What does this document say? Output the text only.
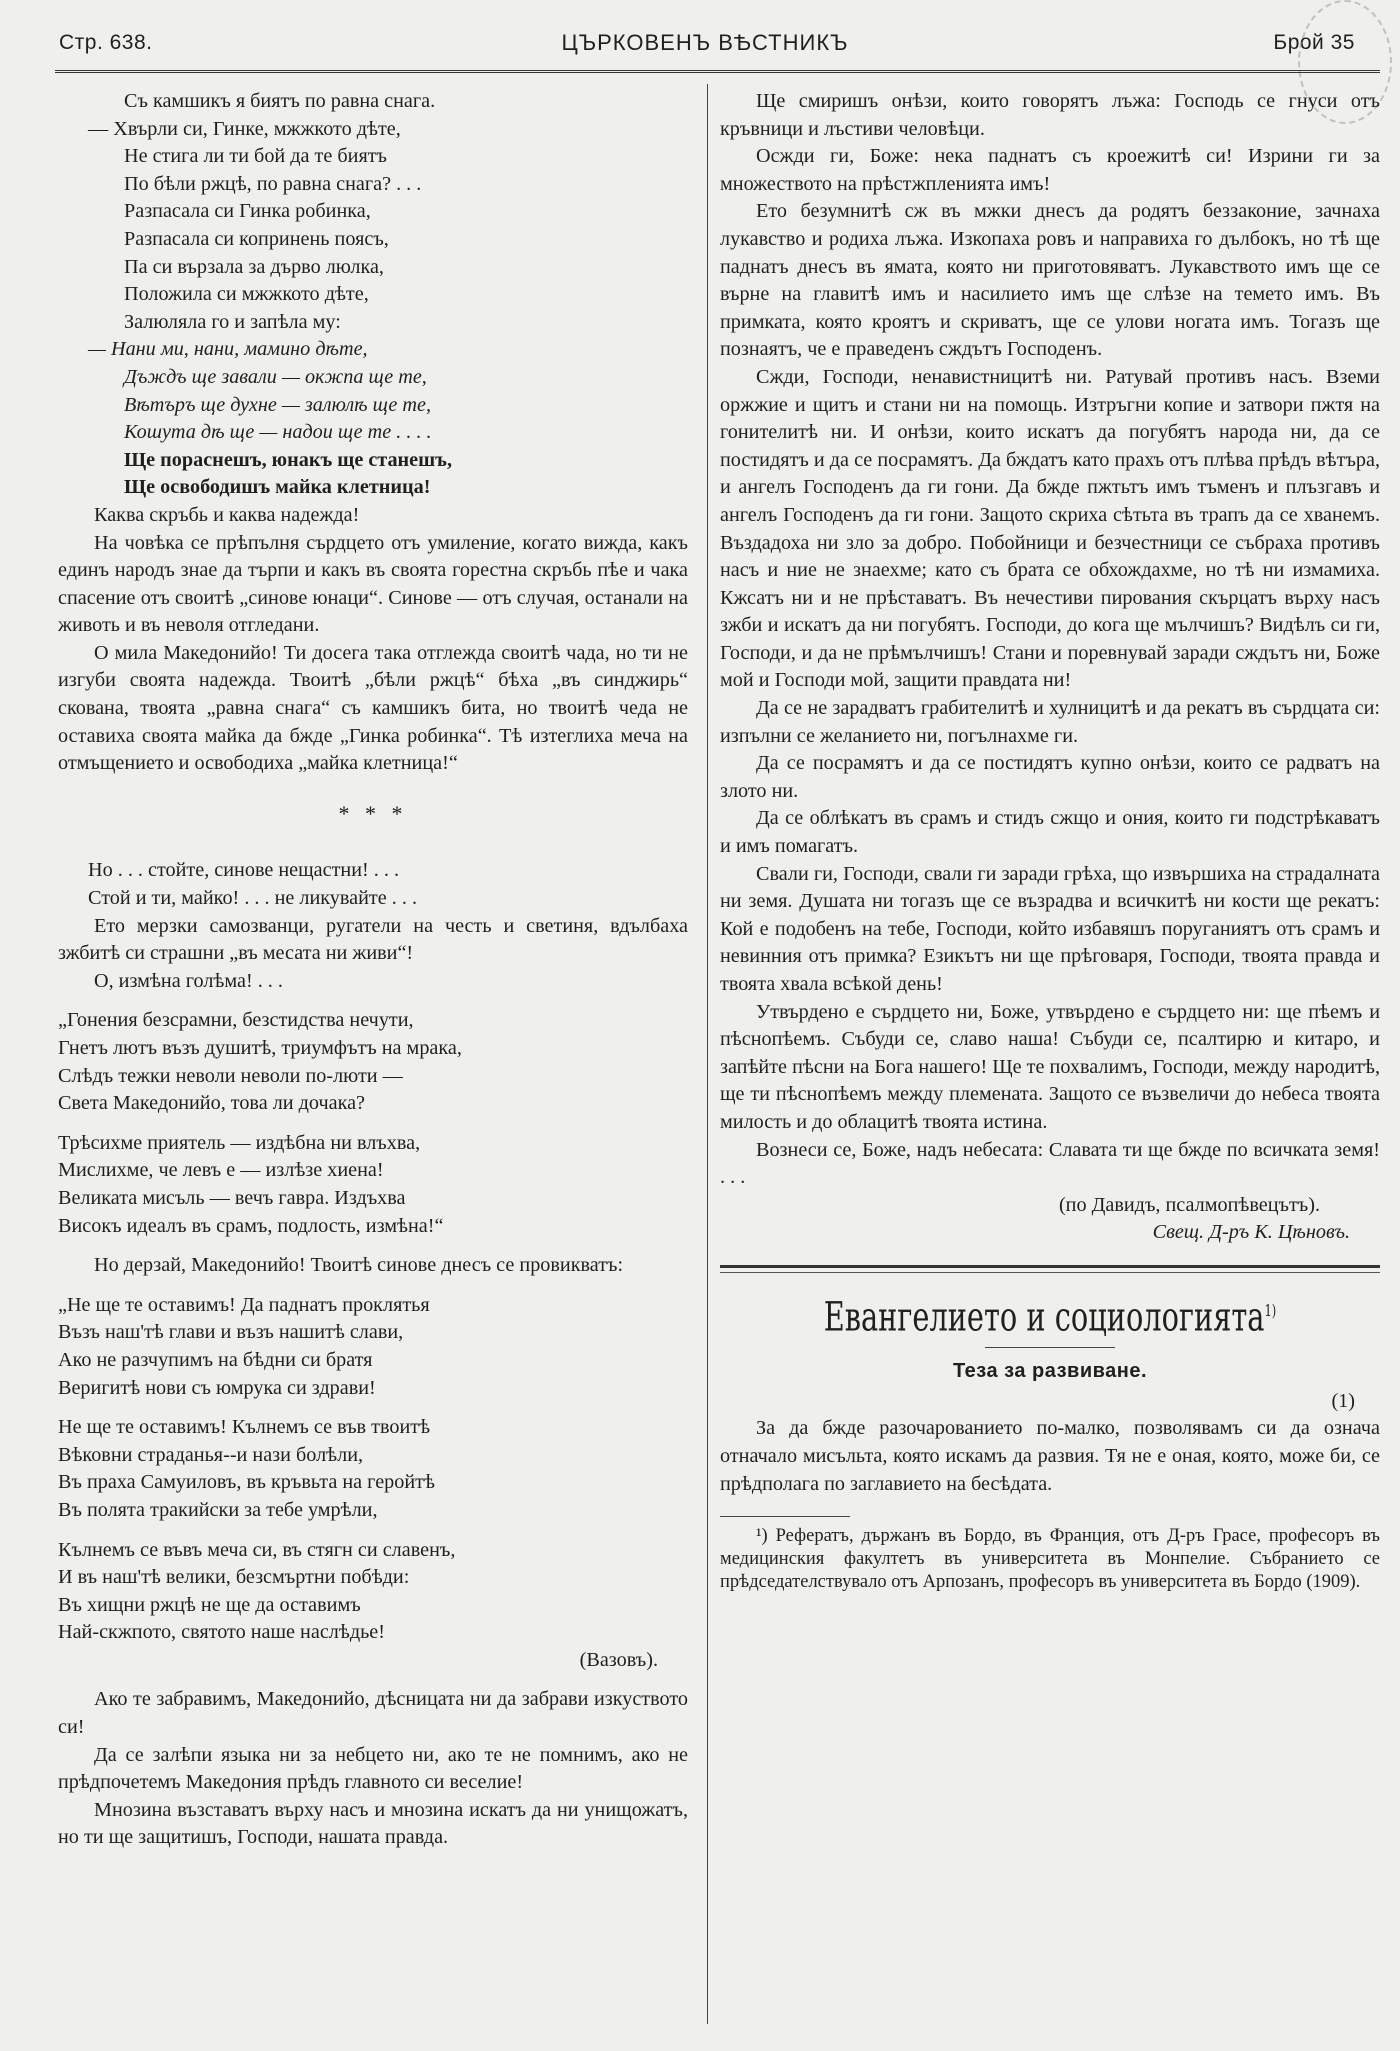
Стр. 638.	ЦЪРКОВЕНЪ ВѢСТНИКЪ	Брой 35
Съ камшикъ я биятъ по равна снага.
— Хвърли си, Гинке, мжжкото дѣте,
Не стига ли ти бой да те биятъ
По бѣли ржцѣ, по равна снага? . . .
Разпасала си Гинка робинка,
Разпасала си копринень поясъ,
Па си вързала за дърво люлка,
Положила си мжжкото дѣте,
Залюляла го и запѣла му:
— Нани ми, нани, мамино дѣте,
Дъждъ ще завали — окжпа ще те,
Вѣтъръ ще духне — залюлѣ ще те,
Кошута дѣ ще — надои ще те . . . .
Ще пораснешъ, юнакъ ще станешъ,
Ще освободишъ майка клетница!

Каква скръбь и каква надежда!

На човѣка се прѣпълня сърдцето отъ умиление, когато вижда, какъ единъ народъ знае да търпи и какъ въ своята горестна скръбь пѣе и чака спасение отъ своитѣ „синове юнаци“. Синове — отъ случая, останали на животь и въ неволя отгледани.

О мила Македонийо! Ти досега така отглежда своитѣ чада, но ти не изгуби своята надежда. Твоитѣ „бѣли ржцѣ“ бѣха „въ синджирь“ скована, твоята „равна снага“ съ камшикъ бита, но твоитѣ чеда не оставиха своята майка да бжде „Гинка робинка“. Тѣ изтеглиха меча на отмъщението и освободиха „майка клетница!“

* * *
Но . . . стойте, синове нещастни! . . .
Стой и ти, майко! . . . не ликувайте . . .

Ето мерзки самозванци, ругатели на честь и светиня, вдълбаха зжбитѣ си страшни „въ месата ни живи“!

О, измѣна голѣма! . . .

„Гонения безсрамни, безстидства нечути,
Гнетъ лютъ възъ душитѣ, триумфътъ на мрака,
Слѣдъ тежки неволи неволи по-люти —
Света Македонийо, това ли дочака?
Трѣсихме приятель — издѣбна ни влъхва,
Мислихме, че левъ е — излѣзе хиена!
Великата мисъль — вечъ гавра. Издъхва
Високъ идеалъ въ срамъ, подлость, измѣна!“

Но дерзай, Македонийо! Твоитѣ синове днесъ се провикватъ:

„Не ще те оставимъ! Да паднатъ проклятья
Възъ наш'тѣ глави и възъ нашитѣ слави,
Ако не разчупимъ на бѣдни си братя
Веригитѣ нови съ юмрука си здрави!
Не ще те оставимъ! Кълнемъ се във твоитѣ
Вѣковни страданья--и нази болѣли,
Въ праха Самуиловъ, въ кръвьта на геройтѣ
Въ полята тракийски за тебе умрѣли,
Кълнемъ се въвъ меча си, въ стягн си славенъ,
И въ наш'тѣ велики, безсмъртни побѣди:
Въ хищни ржцѣ не ще да оставимъ
Най-скжпото, святото наше наслѣдье!
(Вазовъ).

Ако те забравимъ, Македонийо, дѣсницата ни да забрави изкуството си!

Да се залѣпи языка ни за небцето ни, ако те не помнимъ, ако не прѣдпочетемъ Македония прѣдъ главното си веселие!

Мнозина възставатъ върху насъ и мнозина искатъ да ни унищожатъ, но ти ще защитишъ, Господи, нашата правда.

Ще смиришъ онѣзи, които говорятъ лъжа: Господь се гнуси отъ кръвници и лъстиви человѣци.

Осжди ги, Боже: нека паднатъ съ кроежитѣ си! Изрини ги за множеството на прѣстжпленията имъ!

Ето безумнитѣ сж въ мжки днесъ да родятъ беззаконие, зачнаха лукавство и родиха лъжа. Изкопаха ровъ и направиха го дълбокъ, но тѣ ще паднатъ днесъ въ ямата, която ни приготовяватъ. Лукавството имъ ще се върне на главитѣ имъ и насилието имъ ще слѣзе на темето имъ. Въ примката, която кроятъ и скриватъ, ще се улови ногата имъ. Тогазъ ще познаятъ, че е праведенъ сждътъ Господенъ.

Сжди, Господи, ненавистницитѣ ни. Ратувай противъ насъ. Вземи оржжие и щитъ и стани ни на помощь. Изтръгни копие и затвори пжтя на гонителитѣ ни. И онѣзи, които искатъ да погубятъ народа ни, да се постидятъ и да се посрамятъ. Да бждатъ като прахъ отъ плѣва прѣдъ вѣтъра, и ангелъ Господенъ да ги гони. Да бжде пжтьтъ имъ тъменъ и плъзгавъ и ангелъ Господенъ да ги гони. Защото скриха сѣтьта въ трапъ да се хванемъ. Въздадоха ни зло за добро. Побойници и безчестници се събраха противъ насъ и ние не знаехме; като съ брата се обхождахме, но тѣ ни измамиха. Кжсатъ ни и не прѣставатъ. Въ нечестиви пирования скърцатъ върху насъ зжби и искатъ да ни погубятъ. Господи, до кога ще мълчишъ? Видѣлъ си ги, Господи, и да не прѣмълчишъ! Стани и поревнувай заради сждътъ ни, Боже мой и Господи мой, защити правдата ни!

Да се не зарадватъ грабителитѣ и хулницитѣ и да рекатъ въ сърдцата си: изпълни се желанието ни, погълнахме ги.

Да се посрамятъ и да се постидятъ купно онѣзи, които се радватъ на злото ни.

Да се облѣкатъ въ срамъ и стидъ сжщо и ония, които ги подстрѣкаватъ и имъ помагатъ.

Свали ги, Господи, свали ги заради грѣха, що извършиха на страдалната ни земя. Душата ни тогазъ ще се възрадва и всичкитѣ ни кости ще рекатъ: Кой е подобенъ на тебе, Господи, който избавяшъ поруганиятъ отъ срамъ и невинния отъ примка? Езикътъ ни ще прѣговаря, Господи, твоята правда и твоята хвала всѣкой день!

Утвърдено е сърдцето ни, Боже, утвърдено е сърдцето ни: ще пѣемъ и пѣснопѣемъ. Събуди се, славо наша! Събуди се, псалтирю и китаро, и запѣйте пѣсни на Бога нашего! Ще те похвалимъ, Господи, между народитѣ, ще ти пѣснопѣемъ между племената. Защото се възвеличи до небеса твоята милость и до облацитѣ твоята истина.

Вознеси се, Боже, надъ небесата: Славата ти ще бжде по всичката земя! . . .

(по Давидъ, псалмопѣвецътъ).
Свещ. Д-ръ К. Цѣновъ.
Евангелието и социологията$^{1)}$
Теза за развиване.
(1)

За да бжде разочарованието по-малко, позволявамъ си да означа отначало мисъльта, която искамъ да развия. Тя не е оная, която, може би, се прѣдполага по заглавието на бесѣдата.

¹) Рефератъ, държанъ въ Бордо, въ Франция, отъ Д-ръ Грасе, професоръ въ медицинския факултетъ въ университета въ Монпелие. Събранието се прѣдседателствувало отъ Арпозанъ, професоръ въ университета въ Бордо (1909).
